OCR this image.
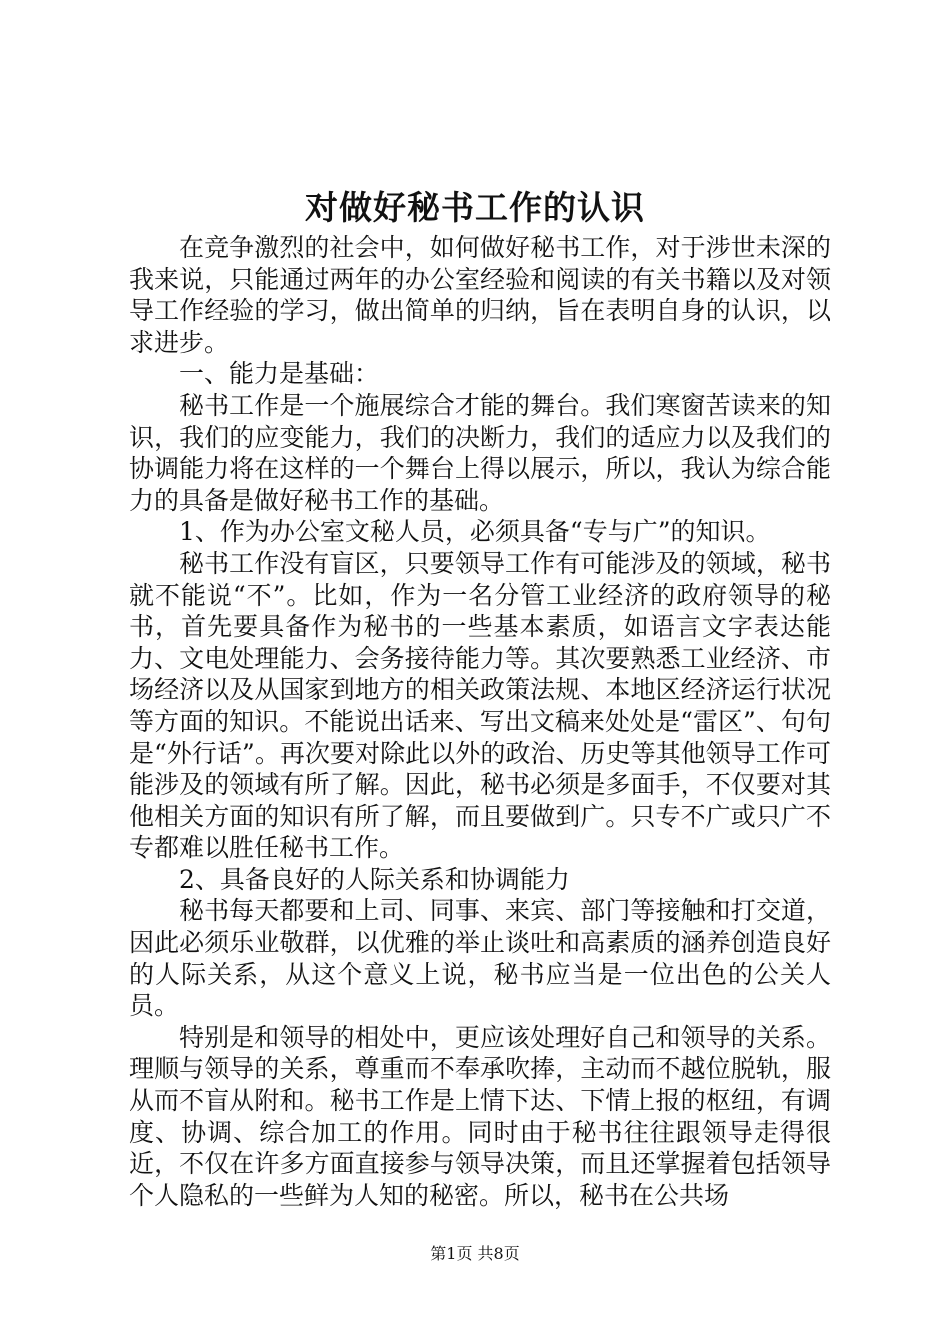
对做好秘书工作的认识

在竞争激烈的社会中，如何做好秘书工作，对于涉世未深的我来说，只能通过两年的办公室经验和阅读的有关书籍以及对领导工作经验的学习，做出简单的归纳，旨在表明自身的认识，以求进步。

一、能力是基础：

秘书工作是一个施展综合才能的舞台。我们寒窗苦读来的知识，我们的应变能力，我们的决断力，我们的适应力以及我们的协调能力将在这样的一个舞台上得以展示，所以，我认为综合能力的具备是做好秘书工作的基础。

1、作为办公室文秘人员，必须具备“专与广”的知识。

秘书工作没有盲区，只要领导工作有可能涉及的领域，秘书就不能说“不”。比如，作为一名分管工业经济的政府领导的秘书，首先要具备作为秘书的一些基本素质，如语言文字表达能力、文电处理能力、会务接待能力等。其次要熟悉工业经济、市场经济以及从国家到地方的相关政策法规、本地区经济运行状况等方面的知识。不能说出话来、写出文稿来处处是“雷区”、句句是“外行话”。再次要对除此以外的政治、历史等其他领导工作可能涉及的领域有所了解。因此，秘书必须是多面手，不仅要对其他相关方面的知识有所了解，而且要做到广。只专不广或只广不专都难以胜任秘书工作。

2、具备良好的人际关系和协调能力

秘书每天都要和上司、同事、来宾、部门等接触和打交道，因此必须乐业敬群，以优雅的举止谈吐和高素质的涵养创造良好的人际关系，从这个意义上说，秘书应当是一位出色的公关人员。

特别是和领导的相处中，更应该处理好自己和领导的关系。理顺与领导的关系，尊重而不奉承吹捧，主动而不越位脱轨，服从而不盲从附和。秘书工作是上情下达、下情上报的枢纽，有调度、协调、综合加工的作用。同时由于秘书往往跟领导走得很近，不仅在许多方面直接参与领导决策，而且还掌握着包括领导个人隐私的一些鲜为人知的秘密。所以，秘书在公共场

第1页 共8页
